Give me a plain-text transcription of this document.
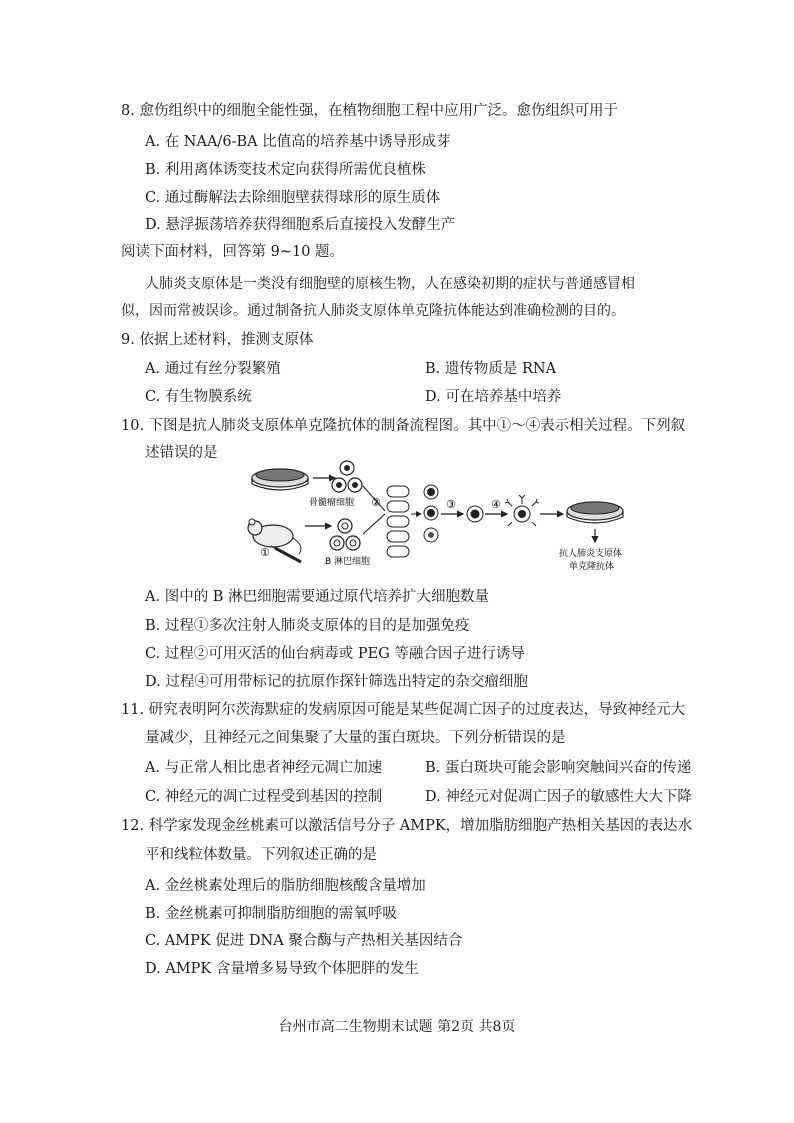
8. 愈伤组织中的细胞全能性强，在植物细胞工程中应用广泛。愈伤组织可用于
A. 在 NAA/6-BA 比值高的培养基中诱导形成芽
B. 利用离体诱变技术定向获得所需优良植株
C. 通过酶解法去除细胞壁获得球形的原生质体
D. 悬浮振荡培养获得细胞系后直接投入发酵生产
阅读下面材料，回答第 9~10 题。
人肺炎支原体是一类没有细胞壁的原核生物，人在感染初期的症状与普通感冒相
似，因而常被误诊。通过制备抗人肺炎支原体单克隆抗体能达到准确检测的目的。
9. 依据上述材料，推测支原体
A. 通过有丝分裂繁殖	B. 遗传物质是 RNA
C. 有生物膜系统	D. 可在培养基中培养
10. 下图是抗人肺炎支原体单克隆抗体的制备流程图。其中①～④表示相关过程。下列叙
述错误的是
骨髓瘤细胞
①
B 淋巴细胞
②	③	④
抗人肺炎支原体
单克隆抗体
A. 图中的 B 淋巴细胞需要通过原代培养扩大细胞数量
B. 过程①多次注射人肺炎支原体的目的是加强免疫
C. 过程②可用灭活的仙台病毒或 PEG 等融合因子进行诱导
D. 过程④可用带标记的抗原作探针筛选出特定的杂交瘤细胞
11. 研究表明阿尔茨海默症的发病原因可能是某些促凋亡因子的过度表达，导致神经元大
量减少，且神经元之间集聚了大量的蛋白斑块。下列分析错误的是
A. 与正常人相比患者神经元凋亡加速	B. 蛋白斑块可能会影响突触间兴奋的传递
C. 神经元的凋亡过程受到基因的控制	D. 神经元对促凋亡因子的敏感性大大下降
12. 科学家发现金丝桃素可以激活信号分子 AMPK，增加脂肪细胞产热相关基因的表达水
平和线粒体数量。下列叙述正确的是
A. 金丝桃素处理后的脂肪细胞核酸含量增加
B. 金丝桃素可抑制脂肪细胞的需氧呼吸
C. AMPK 促进 DNA 聚合酶与产热相关基因结合
D. AMPK 含量增多易导致个体肥胖的发生
台州市高二生物期末试题 第2页 共8页
